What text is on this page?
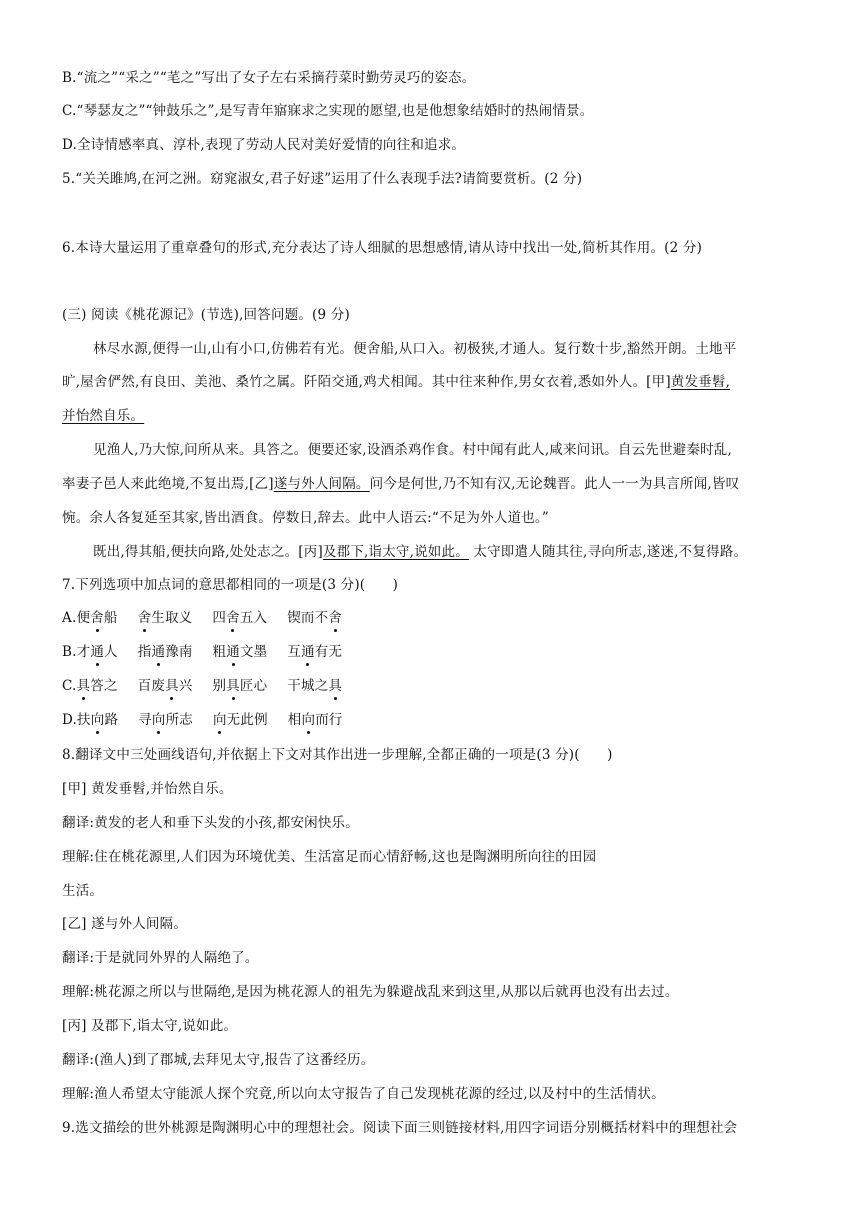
B.“流之”“采之”“芼之”写出了女子左右采摘荇菜时勤劳灵巧的姿态。
C.“琴瑟友之”“钟鼓乐之”,是写青年寤寐求之实现的愿望,也是他想象结婚时的热闹情景。
D.全诗情感率真、淳朴,表现了劳动人民对美好爱情的向往和追求。
5.“关关雎鸠,在河之洲。窈窕淑女,君子好逑”运用了什么表现手法?请简要赏析。(2 分)
6.本诗大量运用了重章叠句的形式,充分表达了诗人细腻的思想感情,请从诗中找出一处,简析其作用。(2 分)
(三) 阅读《桃花源记》(节选),回答问题。(9 分)
林尽水源,便得一山,山有小口,仿佛若有光。便舍船,从口入。初极狭,才通人。复行数十步,豁然开朗。土地平
旷,屋舍俨然,有良田、美池、桑竹之属。阡陌交通,鸡犬相闻。其中往来种作,男女衣着,悉如外人。[甲]黄发垂髫,
并怡然自乐。
见渔人,乃大惊,问所从来。具答之。便要还家,设酒杀鸡作食。村中闻有此人,咸来问讯。自云先世避秦时乱,
率妻子邑人来此绝境,不复出焉,[乙]遂与外人间隔。问今是何世,乃不知有汉,无论魏晋。此人一一为具言所闻,皆叹
惋。余人各复延至其家,皆出酒食。停数日,辞去。此中人语云:“不足为外人道也。”
既出,得其船,便扶向路,处处志之。[丙]及郡下,诣太守,说如此。 太守即遣人随其往,寻向所志,遂迷,不复得路。
7.下列选项中加点词的意思都相同的一项是(3 分)(　　)
A.便舍船 舍生取义 四舍五入 锲而不舍
B.才通人 指通豫南 粗通文墨 互通有无
C.具答之 百废具兴 别具匠心 干城之具
D.扶向路 寻向所志 向无此例 相向而行
8.翻译文中三处画线语句,并依据上下文对其作出进一步理解,全都正确的一项是(3 分)(　　)
[甲] 黄发垂髫,并怡然自乐。
翻译:黄发的老人和垂下头发的小孩,都安闲快乐。
理解:住在桃花源里,人们因为环境优美、生活富足而心情舒畅,这也是陶渊明所向往的田园
生活。
[乙] 遂与外人间隔。
翻译:于是就同外界的人隔绝了。
理解:桃花源之所以与世隔绝,是因为桃花源人的祖先为躲避战乱来到这里,从那以后就再也没有出去过。
[丙] 及郡下,诣太守,说如此。
翻译:(渔人)到了郡城,去拜见太守,报告了这番经历。
理解:渔人希望太守能派人探个究竟,所以向太守报告了自己发现桃花源的经过,以及村中的生活情状。
9.选文描绘的世外桃源是陶渊明心中的理想社会。阅读下面三则链接材料,用四字词语分别概括材料中的理想社会
